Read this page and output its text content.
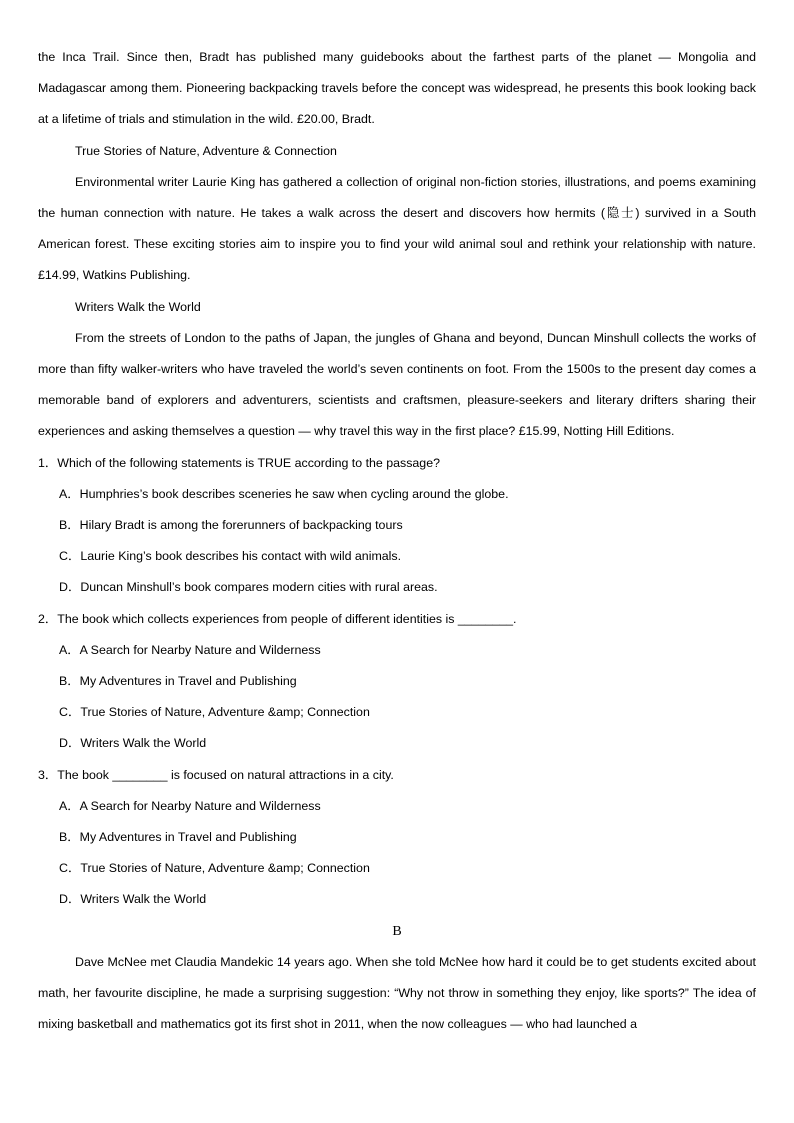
the Inca Trail. Since then, Bradt has published many guidebooks about the farthest parts of the planet — Mongolia and Madagascar among them. Pioneering backpacking travels before the concept was widespread, he presents this book looking back at a lifetime of trials and stimulation in the wild. £20.00, Bradt.

True Stories of Nature, Adventure & Connection

Environmental writer Laurie King has gathered a collection of original non-fiction stories, illustrations, and poems examining the human connection with nature. He takes a walk across the desert and discovers how hermits (隐士) survived in a South American forest. These exciting stories aim to inspire you to find your wild animal soul and rethink your relationship with nature. £14.99, Watkins Publishing.

Writers Walk the World

From the streets of London to the paths of Japan, the jungles of Ghana and beyond, Duncan Minshull collects the works of more than fifty walker-writers who have traveled the world’s seven continents on foot. From the 1500s to the present day comes a memorable band of explorers and adventurers, scientists and craftsmen, pleasure-seekers and literary drifters sharing their experiences and asking themselves a question — why travel this way in the first place? £15.99, Notting Hill Editions.

1．Which of the following statements is TRUE according to the passage?

A．Humphries’s book describes sceneries he saw when cycling around the globe.

B．Hilary Bradt is among the forerunners of backpacking tours

C．Laurie King’s book describes his contact with wild animals.

D．Duncan Minshull’s book compares modern cities with rural areas.

2．The book which collects experiences from people of different identities is ________.

A．A Search for Nearby Nature and Wilderness

B．My Adventures in Travel and Publishing

C．True Stories of Nature, Adventure &amp; Connection

D．Writers Walk the World

3．The book ________ is focused on natural attractions in a city.

A．A Search for Nearby Nature and Wilderness

B．My Adventures in Travel and Publishing

C．True Stories of Nature, Adventure &amp; Connection

D．Writers Walk the World

B

Dave McNee met Claudia Mandekic 14 years ago. When she told McNee how hard it could be to get students excited about math, her favourite discipline, he made a surprising suggestion: “Why not throw in something they enjoy, like sports?” The idea of mixing basketball and mathematics got its first shot in 2011, when the now colleagues — who had launched a
